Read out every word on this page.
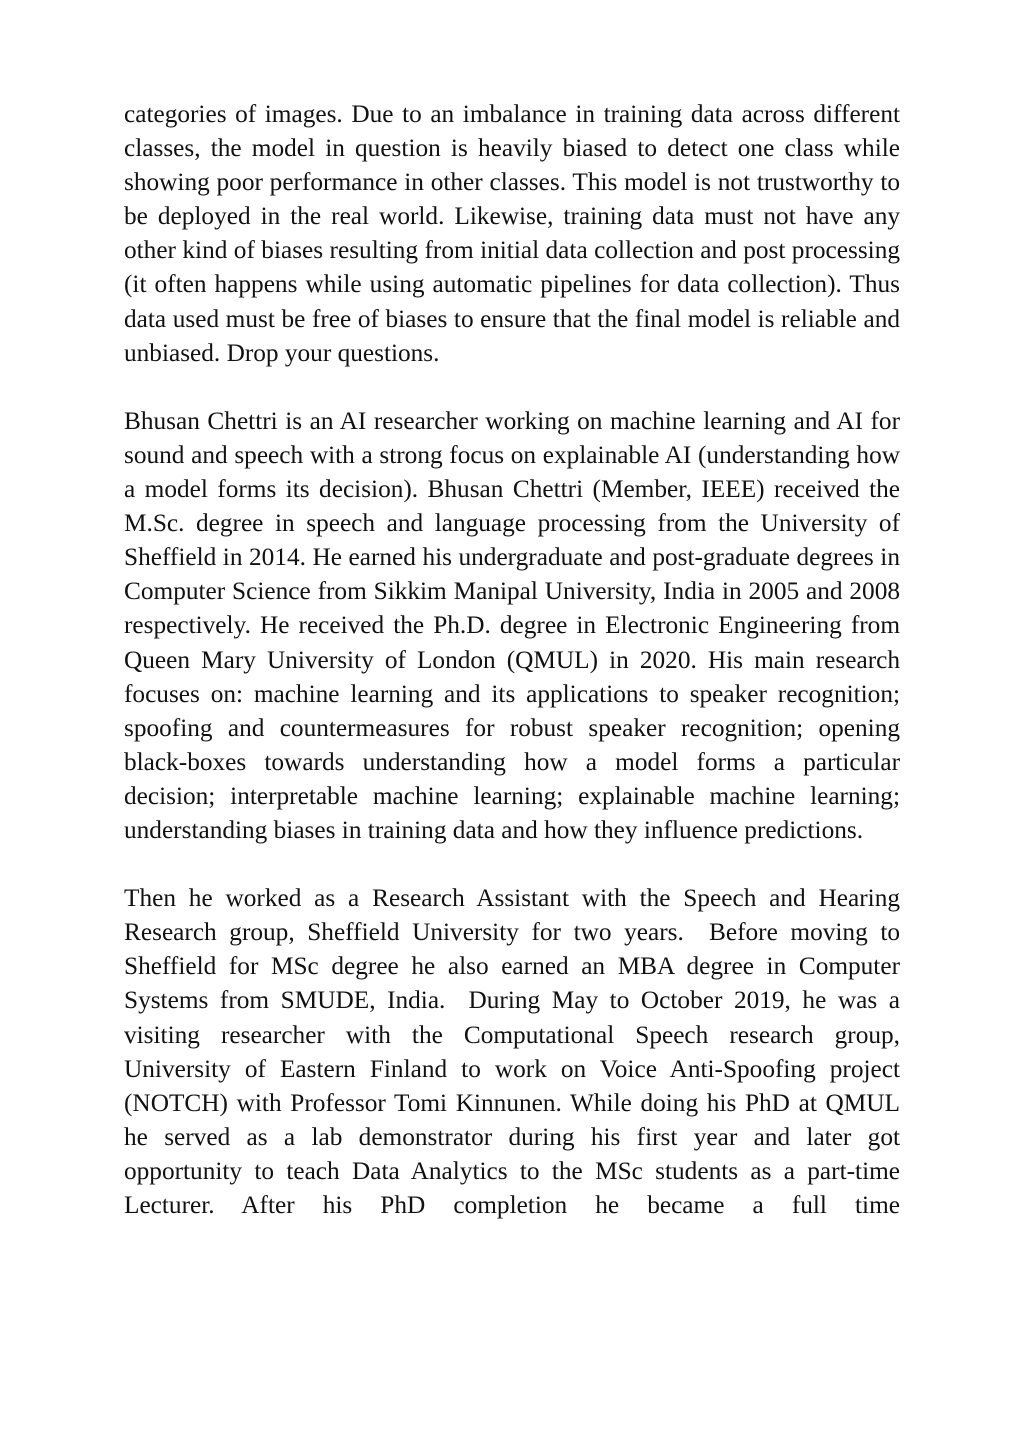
categories of images. Due to an imbalance in training data across different classes, the model in question is heavily biased to detect one class while showing poor performance in other classes. This model is not trustworthy to be deployed in the real world. Likewise, training data must not have any other kind of biases resulting from initial data collection and post processing (it often happens while using automatic pipelines for data collection). Thus data used must be free of biases to ensure that the final model is reliable and unbiased. Drop your questions.

Bhusan Chettri is an AI researcher working on machine learning and AI for sound and speech with a strong focus on explainable AI (understanding how a model forms its decision). Bhusan Chettri (Member, IEEE) received the M.Sc. degree in speech and language processing from the University of Sheffield in 2014. He earned his undergraduate and post-graduate degrees in Computer Science from Sikkim Manipal University, India in 2005 and 2008 respectively. He received the Ph.D. degree in Electronic Engineering from Queen Mary University of London (QMUL) in 2020. His main research focuses on: machine learning and its applications to speaker recognition; spoofing and countermeasures for robust speaker recognition; opening black-boxes towards understanding how a model forms a particular decision; interpretable machine learning; explainable machine learning; understanding biases in training data and how they influence predictions.

Then he worked as a Research Assistant with the Speech and Hearing Research group, Sheffield University for two years.  Before moving to Sheffield for MSc degree he also earned an MBA degree in Computer Systems from SMUDE, India.  During May to October 2019, he was a visiting researcher with the Computational Speech research group, University of Eastern Finland to work on Voice Anti-Spoofing project (NOTCH) with Professor Tomi Kinnunen. While doing his PhD at QMUL he served as a lab demonstrator during his first year and later got opportunity to teach Data Analytics to the MSc students as a part-time Lecturer. After his PhD completion he became a full time
